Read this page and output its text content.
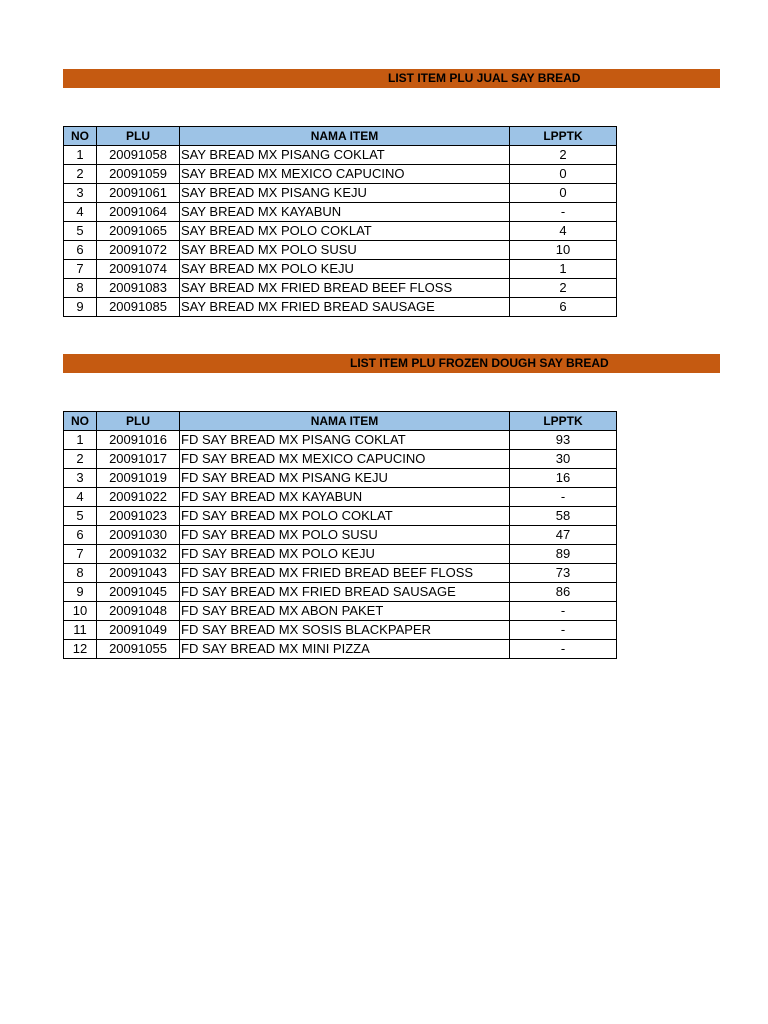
LIST ITEM PLU JUAL SAY BREAD
NO	PLU	NAMA ITEM	LPPTK
1	20091058	SAY BREAD MX PISANG COKLAT	2
2	20091059	SAY BREAD MX MEXICO CAPUCINO	0
3	20091061	SAY BREAD MX PISANG KEJU	0
4	20091064	SAY BREAD MX KAYABUN	-
5	20091065	SAY BREAD MX POLO COKLAT	4
6	20091072	SAY BREAD MX POLO SUSU	10
7	20091074	SAY BREAD MX POLO KEJU	1
8	20091083	SAY BREAD MX FRIED BREAD BEEF FLOSS	2
9	20091085	SAY BREAD MX FRIED BREAD SAUSAGE	6
LIST ITEM PLU FROZEN DOUGH SAY BREAD
NO	PLU	NAMA ITEM	LPPTK
1	20091016	FD SAY BREAD MX PISANG COKLAT	93
2	20091017	FD SAY BREAD MX MEXICO CAPUCINO	30
3	20091019	FD SAY BREAD MX PISANG KEJU	16
4	20091022	FD SAY BREAD MX KAYABUN	-
5	20091023	FD SAY BREAD MX POLO COKLAT	58
6	20091030	FD SAY BREAD MX POLO SUSU	47
7	20091032	FD SAY BREAD MX POLO KEJU	89
8	20091043	FD SAY BREAD MX FRIED BREAD BEEF FLOSS	73
9	20091045	FD SAY BREAD MX FRIED BREAD SAUSAGE	86
10	20091048	FD SAY BREAD MX ABON PAKET	-
11	20091049	FD SAY BREAD MX SOSIS BLACKPAPER	-
12	20091055	FD SAY BREAD MX MINI PIZZA	-
